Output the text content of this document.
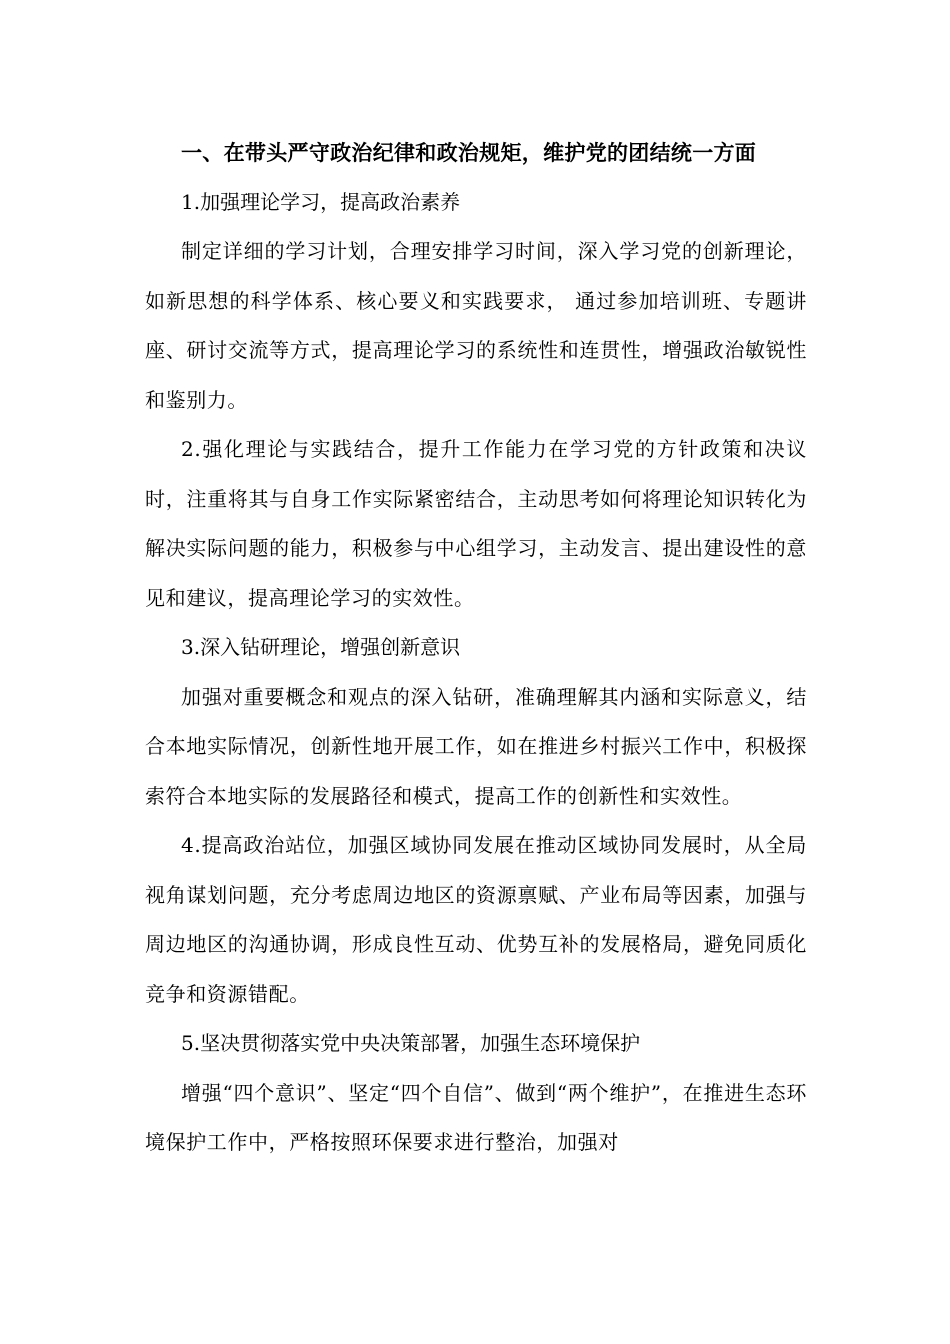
一、在带头严守政治纪律和政治规矩，维护党的团结统一方面

1.加强理论学习，提高政治素养

制定详细的学习计划，合理安排学习时间，深入学习党的创新理论，如新思想的科学体系、核心要义和实践要求， 通过参加培训班、专题讲座、研讨交流等方式，提高理论学习的系统性和连贯性，增强政治敏锐性和鉴别力。

2.强化理论与实践结合，提升工作能力在学习党的方针政策和决议时，注重将其与自身工作实际紧密结合，主动思考如何将理论知识转化为解决实际问题的能力，积极参与中心组学习，主动发言、提出建设性的意见和建议，提高理论学习的实效性。

3.深入钻研理论，增强创新意识

加强对重要概念和观点的深入钻研，准确理解其内涵和实际意义，结合本地实际情况，创新性地开展工作，如在推进乡村振兴工作中，积极探索符合本地实际的发展路径和模式，提高工作的创新性和实效性。

4.提高政治站位，加强区域协同发展在推动区域协同发展时，从全局视角谋划问题，充分考虑周边地区的资源禀赋、产业布局等因素，加强与周边地区的沟通协调，形成良性互动、优势互补的发展格局，避免同质化竞争和资源错配。

5.坚决贯彻落实党中央决策部署，加强生态环境保护

增强“四个意识”、坚定“四个自信”、做到“两个维护”，在推进生态环境保护工作中，严格按照环保要求进行整治，加强对
